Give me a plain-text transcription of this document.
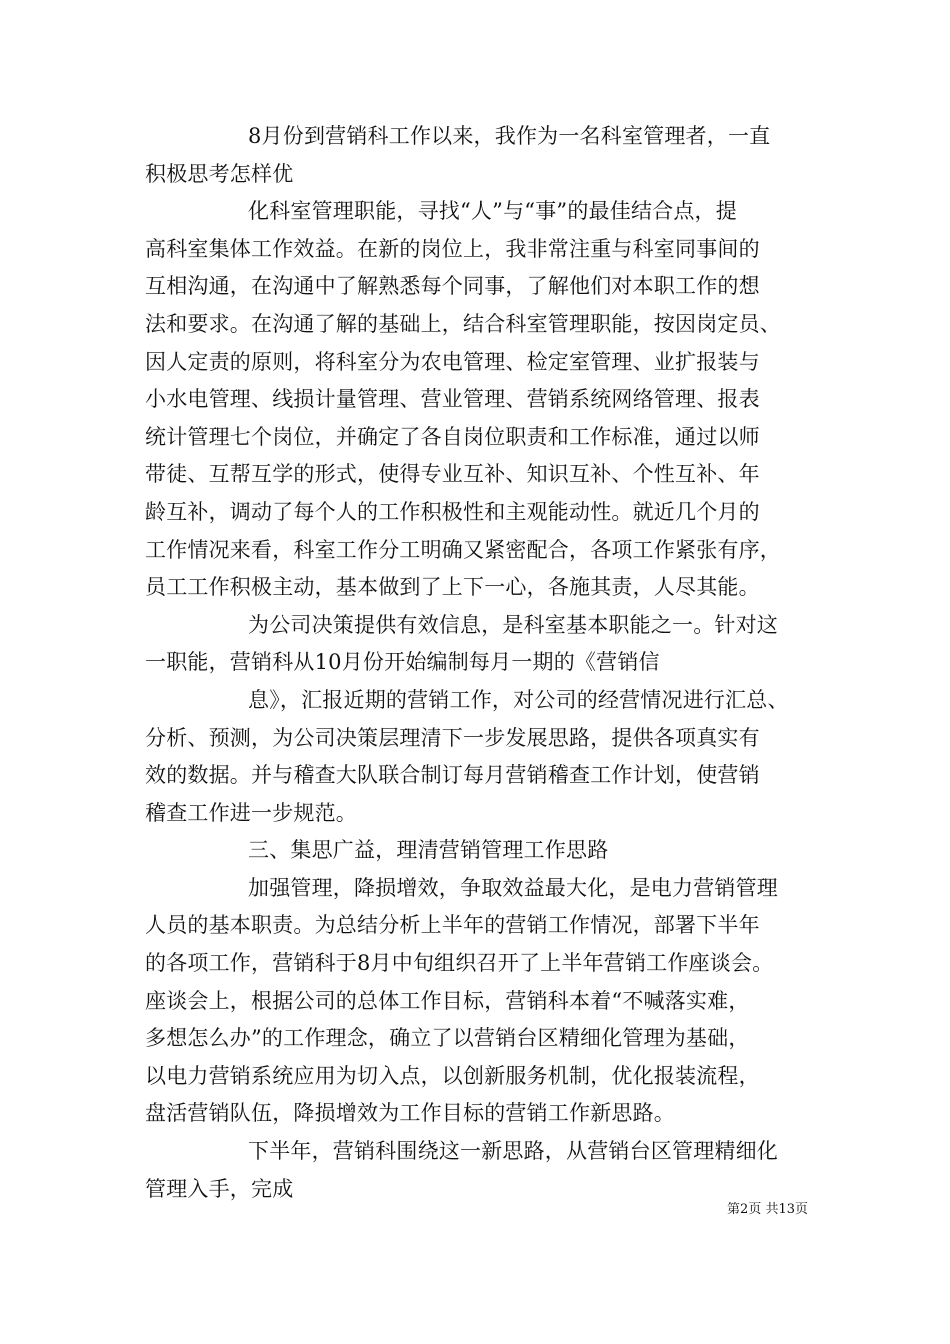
8月份到营销科工作以来，我作为一名科室管理者，一直
积极思考怎样优
化科室管理职能，寻找“人”与“事”的最佳结合点，提
高科室集体工作效益。在新的岗位上，我非常注重与科室同事间的
互相沟通，在沟通中了解熟悉每个同事，了解他们对本职工作的想
法和要求。在沟通了解的基础上，结合科室管理职能，按因岗定员、
因人定责的原则，将科室分为农电管理、检定室管理、业扩报装与
小水电管理、线损计量管理、营业管理、营销系统网络管理、报表
统计管理七个岗位，并确定了各自岗位职责和工作标准，通过以师
带徒、互帮互学的形式，使得专业互补、知识互补、个性互补、年
龄互补，调动了每个人的工作积极性和主观能动性。就近几个月的
工作情况来看，科室工作分工明确又紧密配合，各项工作紧张有序，
员工工作积极主动，基本做到了上下一心，各施其责，人尽其能。
为公司决策提供有效信息，是科室基本职能之一。针对这
一职能，营销科从10月份开始编制每月一期的《营销信
息》，汇报近期的营销工作，对公司的经营情况进行汇总、
分析、预测，为公司决策层理清下一步发展思路，提供各项真实有
效的数据。并与稽查大队联合制订每月营销稽查工作计划，使营销
稽查工作进一步规范。
三、集思广益，理清营销管理工作思路
加强管理，降损增效，争取效益最大化，是电力营销管理
人员的基本职责。为总结分析上半年的营销工作情况，部署下半年
的各项工作，营销科于8月中旬组织召开了上半年营销工作座谈会。
座谈会上，根据公司的总体工作目标，营销科本着“不喊落实难，
多想怎么办”的工作理念，确立了以营销台区精细化管理为基础，
以电力营销系统应用为切入点，以创新服务机制，优化报装流程，
盘活营销队伍，降损增效为工作目标的营销工作新思路。
下半年，营销科围绕这一新思路，从营销台区管理精细化
管理入手，完成
第2页 共13页
